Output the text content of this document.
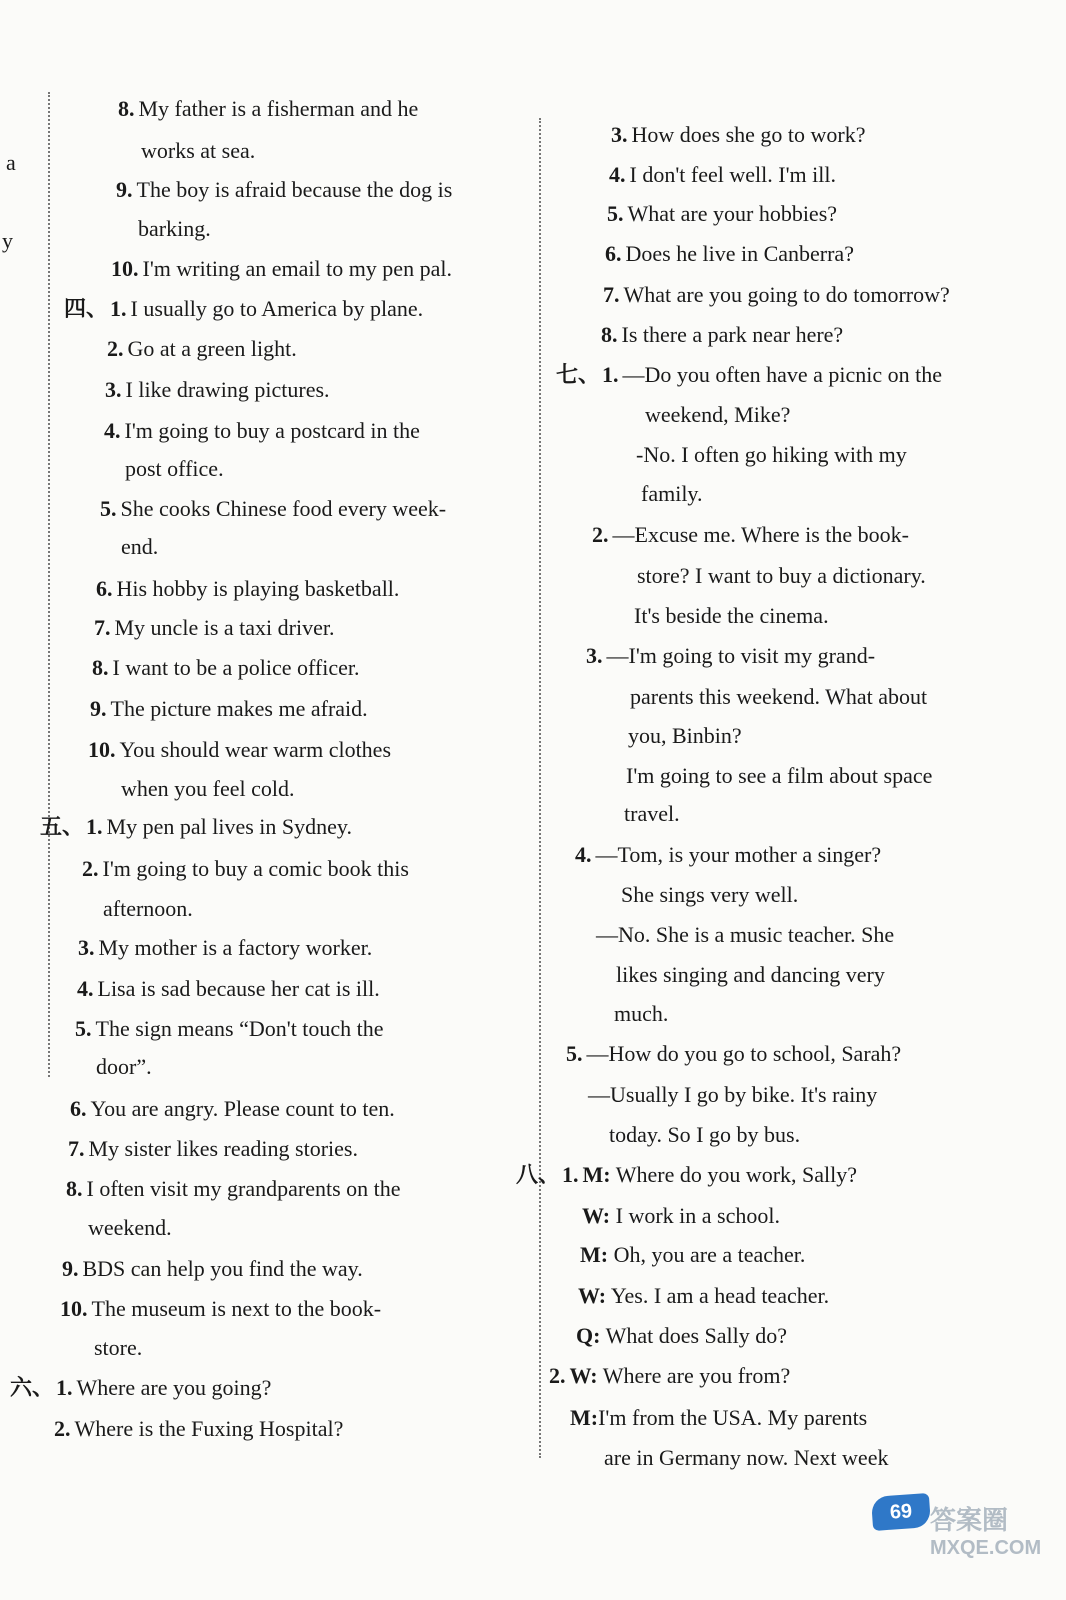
a
y
8. My father is a fisherman and he
works at sea.
9. The boy is afraid because the dog is
barking.
10. I'm writing an email to my pen pal.
四、1. I usually go to America by plane.
2. Go at a green light.
3. I like drawing pictures.
4. I'm going to buy a postcard in the
post office.
5. She cooks Chinese food every week-
end.
6. His hobby is playing basketball.
7. My uncle is a taxi driver.
8. I want to be a police officer.
9. The picture makes me afraid.
10. You should wear warm clothes
when you feel cold.
五、1. My pen pal lives in Sydney.
2. I'm going to buy a comic book this
afternoon.
3. My mother is a factory worker.
4. Lisa is sad because her cat is ill.
5. The sign means “Don't touch the
door”.
6. You are angry. Please count to ten.
7. My sister likes reading stories.
8. I often visit my grandparents on the
weekend.
9. BDS can help you find the way.
10. The museum is next to the book-
store.
六、1. Where are you going?
2. Where is the Fuxing Hospital?
3. How does she go to work?
4. I don't feel well. I'm ill.
5. What are your hobbies?
6. Does he live in Canberra?
7. What are you going to do tomorrow?
8. Is there a park near here?
七、1. —Do you often have a picnic on the
weekend, Mike?
-No. I often go hiking with my
family.
2. —Excuse me. Where is the book-
store? I want to buy a dictionary.
It's beside the cinema.
3. —I'm going to visit my grand-
parents this weekend. What about
you, Binbin?
I'm going to see a film about space
travel.
4. —Tom, is your mother a singer?
She sings very well.
—No. She is a music teacher. She
likes singing and dancing very
much.
5. —How do you go to school, Sarah?
—Usually I go by bike. It's rainy
today. So I go by bus.
八、1. M: Where do you work, Sally?
W: I work in a school.
M: Oh, you are a teacher.
W: Yes. I am a head teacher.
Q: What does Sally do?
2. W: Where are you from?
M:I'm from the USA. My parents
are in Germany now. Next week
69 答案圈
MXQE.COM
